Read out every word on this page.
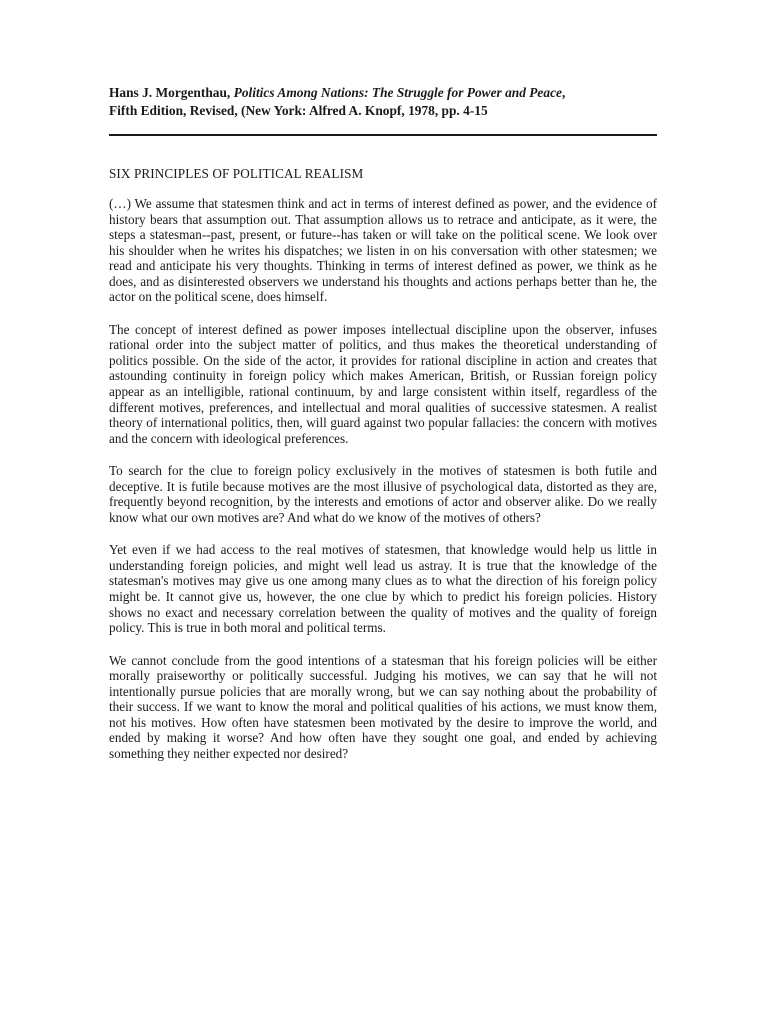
Hans J. Morgenthau, Politics Among Nations: The Struggle for Power and Peace,
Fifth Edition, Revised, (New York: Alfred A. Knopf, 1978, pp. 4-15

SIX PRINCIPLES OF POLITICAL REALISM

(…) We assume that statesmen think and act in terms of interest defined as power, and the evidence of history bears that assumption out. That assumption allows us to retrace and anticipate, as it were, the steps a statesman--past, present, or future--has taken or will take on the political scene. We look over his shoulder when he writes his dispatches; we listen in on his conversation with other statesmen; we read and anticipate his very thoughts. Thinking in terms of interest defined as power, we think as he does, and as disinterested observers we understand his thoughts and actions perhaps better than he, the actor on the political scene, does himself.

The concept of interest defined as power imposes intellectual discipline upon the observer, infuses rational order into the subject matter of politics, and thus makes the theoretical understanding of politics possible. On the side of the actor, it provides for rational discipline in action and creates that astounding continuity in foreign policy which makes American, British, or Russian foreign policy appear as an intelligible, rational continuum, by and large consistent within itself, regardless of the different motives, preferences, and intellectual and moral qualities of successive statesmen. A realist theory of international politics, then, will guard against two popular fallacies: the concern with motives and the concern with ideological preferences.

To search for the clue to foreign policy exclusively in the motives of statesmen is both futile and deceptive. It is futile because motives are the most illusive of psychological data, distorted as they are, frequently beyond recognition, by the interests and emotions of actor and observer alike. Do we really know what our own motives are? And what do we know of the motives of others?

Yet even if we had access to the real motives of statesmen, that knowledge would help us little in understanding foreign policies, and might well lead us astray. It is true that the knowledge of the statesman's motives may give us one among many clues as to what the direction of his foreign policy might be. It cannot give us, however, the one clue by which to predict his foreign policies. History shows no exact and necessary correlation between the quality of motives and the quality of foreign policy. This is true in both moral and political terms.

We cannot conclude from the good intentions of a statesman that his foreign policies will be either morally praiseworthy or politically successful. Judging his motives, we can say that he will not intentionally pursue policies that are morally wrong, but we can say nothing about the probability of their success. If we want to know the moral and political qualities of his actions, we must know them, not his motives. How often have statesmen been motivated by the desire to improve the world, and ended by making it worse? And how often have they sought one goal, and ended by achieving something they neither expected nor desired?
